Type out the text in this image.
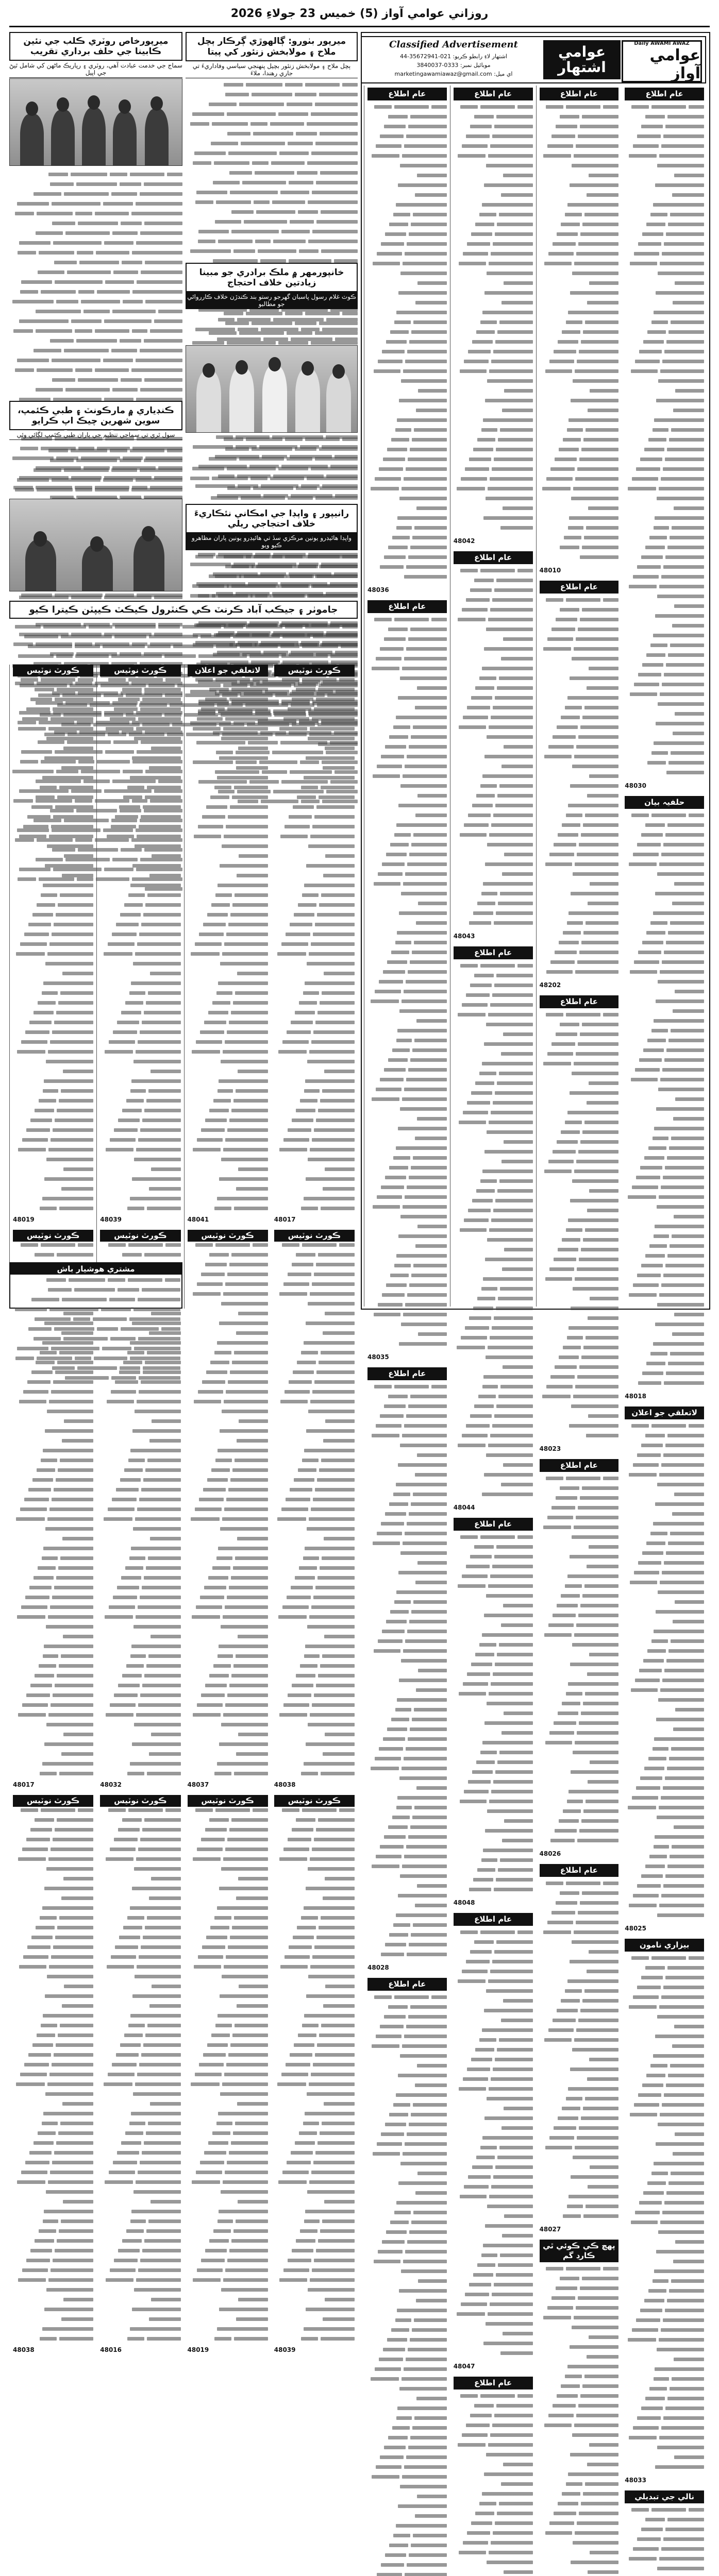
روزاني عوامي آواز (5) خميس 23 جولاءِ 2026
Daily AWAMI AWAZ
عوامي آواز
عوامي اشتهار
Classified Advertisement
اشتهار لاءِ رابطو ڪريو: 021-35672941-44
موبائيل نمبر: 0333-3840037
اي ميل: marketingawamiawaz@gmail.com
عام اطلاع
48036
عام اطلاع
48035
عام اطلاع
48028
عام اطلاع
عام اطلاع
48042
عام اطلاع
48043
عام اطلاع
48044
عام اطلاع
48048
عام اطلاع
48047
عام اطلاع
عام اطلاع
48010
عام اطلاع
48202
عام اطلاع
48023
عام اطلاع
48026
عام اطلاع
48027
پهچ ڪي ڪوئي ٿي ڪارڊ گم
عام اطلاع
48030
حلفيہ بيان
48018
لاتعلقي جو اعلان
48025
بيزاري نامون
48033
نالي جي تبديلي
ميرپورخاص روٽري ڪلب جي نئين ڪابينا جي حلف برداري تقريب
سماج جي خدمت عبادت آهي، روٽري ۽ رپاريڪ ماڻهن کي شامل ٿيڻ جي اپيل
ميرپور بٺورو: ڳالهوڙي ڳرڪار ٻچل ملاح ۽ مولابخش زنئور کي پيتا
ٻچل ملاح ۽ مولابخش زنئور بچيل پنهنجي سياسي وفاداريءَ تي جاري رهندا، ملاءَ
خانپورمهر ۾ ملڪ برادري جو مبينا زيادتين خلاف احتجاج
ڪوٽ غلام رسول پاسبان گهرجو رستو بند ڪندڙن خلاف ڪارروائي جو مطالبو
ڪنڊياري ۾ مارڪونٽ ۽ طبي ڪئمپ، سوين شهرين چيڪ اپ ڪرايو
سول ٿري تي سماجي تنظيم جي پاران طبي ڪئمپ لڳائي وئي
رانيپور ۽ واپڊا جي امڪاني نئڪاريءَ خلاف احتجاجي ريلي
واپڊا هائيڊرو يونين مرڪزي سڏ تي هائيڊرو يونين پاران مظاهرو ڪيو ويو
جاموٺر ۽ جيڪب آباد ڪرنٽ ڪي ڪنٽرول ڪيڪٽ ڪيپٽن ڪيترا ڪيو
ڪورٽ نوٽيس
48019
ڪورٽ نوٽيس
48017
ڪورٽ نوٽيس
48038
ڪورٽ نوٽيس
48039
ڪورٽ نوٽيس
48032
ڪورٽ نوٽيس
48016
لاتعلقي جو اعلان
48041
ڪورٽ نوٽيس
48037
ڪورٽ نوٽيس
48019
ڪورٽ نوٽيس
48017
ڪورٽ نوٽيس
48038
ڪورٽ نوٽيس
48039
مشتري هوشيار باش
